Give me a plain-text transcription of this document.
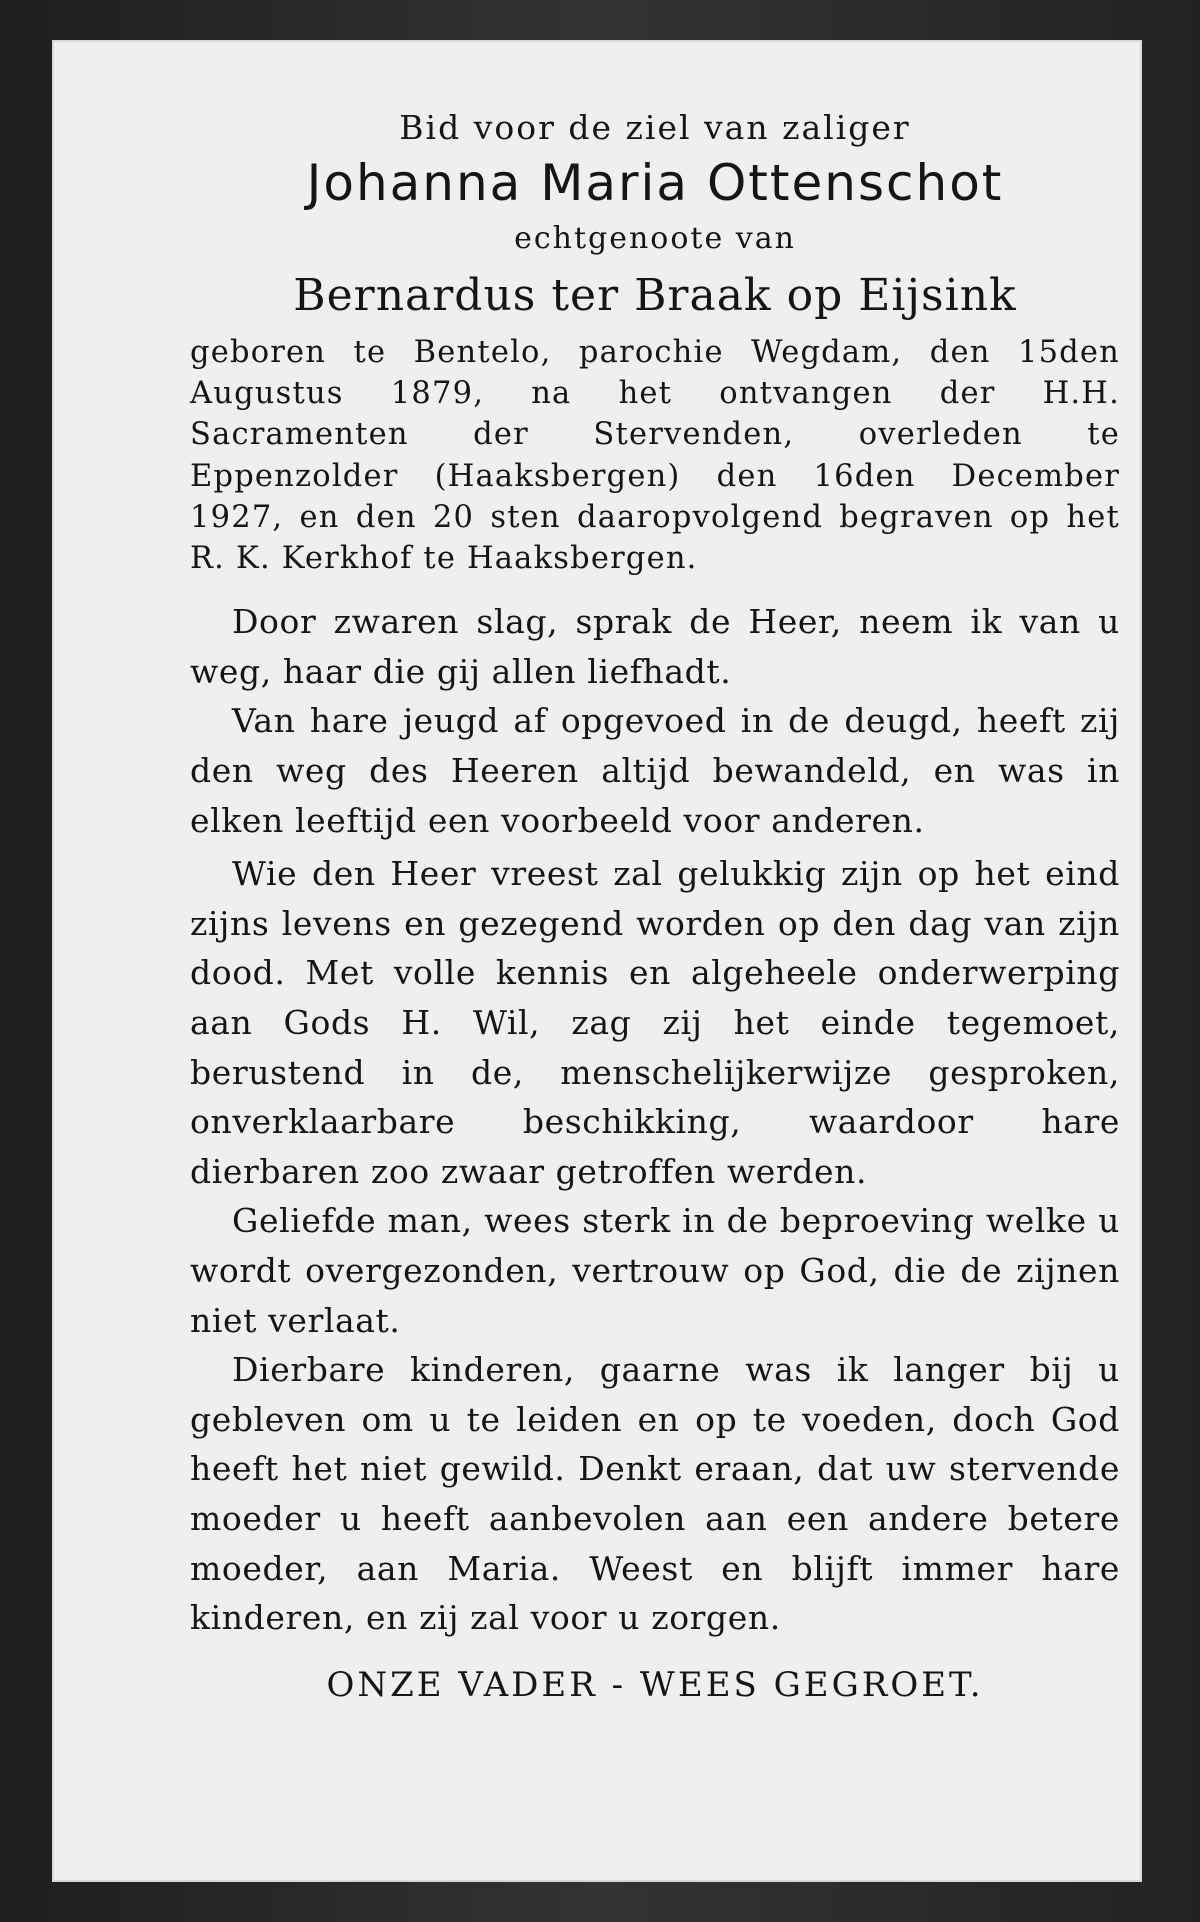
Bid voor de ziel van zaliger
Johanna Maria Ottenschot
echtgenoote van
Bernardus ter Braak op Eijsink

geboren te Bentelo, parochie Wegdam, den 15den Augustus 1879, na het ontvangen der H.H. Sacramenten der Stervenden, overleden te Eppenzolder (Haaksbergen) den 16den December 1927, en den 20 sten daaropvolgend begraven op het R. K. Kerkhof te Haaksbergen.

Door zwaren slag, sprak de Heer, neem ik van u weg, haar die gij allen liefhadt.

Van hare jeugd af opgevoed in de deugd, heeft zij den weg des Heeren altijd bewandeld, en was in elken leeftijd een voorbeeld voor anderen.

Wie den Heer vreest zal gelukkig zijn op het eind zijns levens en gezegend worden op den dag van zijn dood. Met volle kennis en algeheele onderwerping aan Gods H. Wil, zag zij het einde tegemoet, berustend in de, menschelijkerwijze gesproken, onverklaarbare beschikking, waardoor hare dierbaren zoo zwaar getroffen werden.

Geliefde man, wees sterk in de beproeving welke u wordt overgezonden, vertrouw op God, die de zijnen niet verlaat.

Dierbare kinderen, gaarne was ik langer bij u gebleven om u te leiden en op te voeden, doch God heeft het niet gewild. Denkt eraan, dat uw stervende moeder u heeft aanbevolen aan een andere betere moeder, aan Maria. Weest en blijft immer hare kinderen, en zij zal voor u zorgen.

ONZE VADER - WEES GEGROET.
